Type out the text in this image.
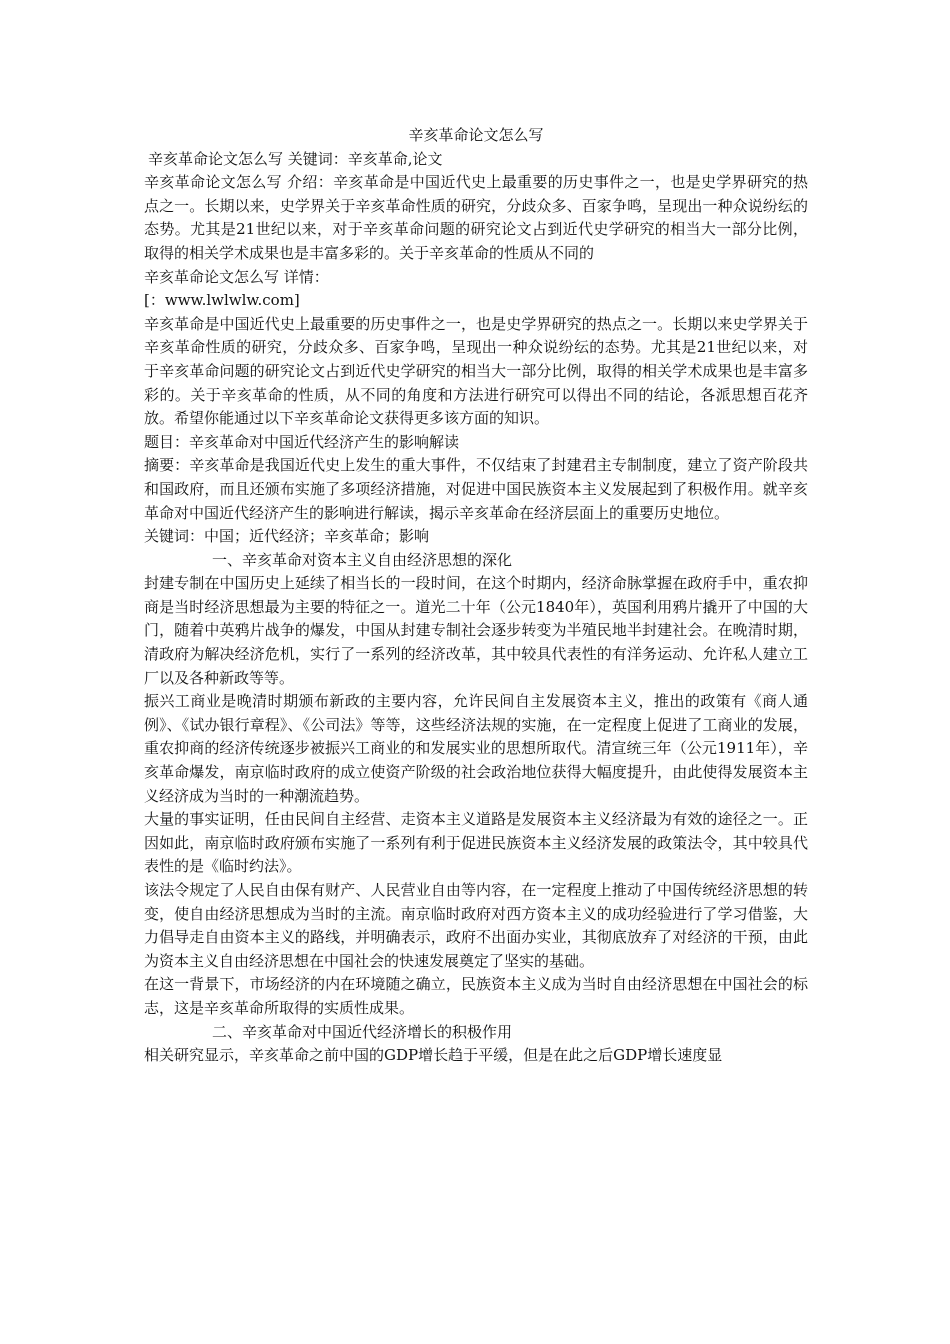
辛亥革命论文怎么写

辛亥革命论文怎么写 关键词：辛亥革命,论文

辛亥革命论文怎么写 介绍：辛亥革命是中国近代史上最重要的历史事件之一，也是史学界研究的热点之一。长期以来，史学界关于辛亥革命性质的研究，分歧众多、百家争鸣，呈现出一种众说纷纭的态势。尤其是21世纪以来，对于辛亥革命问题的研究论文占到近代史学研究的相当大一部分比例，取得的相关学术成果也是丰富多彩的。关于辛亥革命的性质从不同的

辛亥革命论文怎么写 详情：

[：www.lwlwlw.com]

辛亥革命是中国近代史上最重要的历史事件之一，也是史学界研究的热点之一。长期以来史学界关于辛亥革命性质的研究，分歧众多、百家争鸣，呈现出一种众说纷纭的态势。尤其是21世纪以来，对于辛亥革命问题的研究论文占到近代史学研究的相当大一部分比例，取得的相关学术成果也是丰富多彩的。关于辛亥革命的性质，从不同的角度和方法进行研究可以得出不同的结论，各派思想百花齐放。希望你能通过以下辛亥革命论文获得更多该方面的知识。

题目：辛亥革命对中国近代经济产生的影响解读

摘要：辛亥革命是我国近代史上发生的重大事件，不仅结束了封建君主专制制度，建立了资产阶段共和国政府，而且还颁布实施了多项经济措施，对促进中国民族资本主义发展起到了积极作用。就辛亥革命对中国近代经济产生的影响进行解读，揭示辛亥革命在经济层面上的重要历史地位。

关键词：中国；近代经济；辛亥革命；影响

一、辛亥革命对资本主义自由经济思想的深化

封建专制在中国历史上延续了相当长的一段时间，在这个时期内，经济命脉掌握在政府手中，重农抑商是当时经济思想最为主要的特征之一。道光二十年（公元1840年），英国利用鸦片撬开了中国的大门，随着中英鸦片战争的爆发，中国从封建专制社会逐步转变为半殖民地半封建社会。在晚清时期，清政府为解决经济危机，实行了一系列的经济改革，其中较具代表性的有洋务运动、允许私人建立工厂以及各种新政等等。

振兴工商业是晚清时期颁布新政的主要内容，允许民间自主发展资本主义，推出的政策有《商人通例》、《试办银行章程》、《公司法》等等，这些经济法规的实施，在一定程度上促进了工商业的发展，重农抑商的经济传统逐步被振兴工商业的和发展实业的思想所取代。清宣统三年（公元1911年），辛亥革命爆发，南京临时政府的成立使资产阶级的社会政治地位获得大幅度提升，由此使得发展资本主义经济成为当时的一种潮流趋势。

大量的事实证明，任由民间自主经营、走资本主义道路是发展资本主义经济最为有效的途径之一。正因如此，南京临时政府颁布实施了一系列有利于促进民族资本主义经济发展的政策法令，其中较具代表性的是《临时约法》。

该法令规定了人民自由保有财产、人民营业自由等内容，在一定程度上推动了中国传统经济思想的转变，使自由经济思想成为当时的主流。南京临时政府对西方资本主义的成功经验进行了学习借鉴，大力倡导走自由资本主义的路线，并明确表示，政府不出面办实业，其彻底放弃了对经济的干预，由此为资本主义自由经济思想在中国社会的快速发展奠定了坚实的基础。

在这一背景下，市场经济的内在环境随之确立，民族资本主义成为当时自由经济思想在中国社会的标志，这是辛亥革命所取得的实质性成果。

二、辛亥革命对中国近代经济增长的积极作用

相关研究显示，辛亥革命之前中国的GDP增长趋于平缓，但是在此之后GDP增长速度显
